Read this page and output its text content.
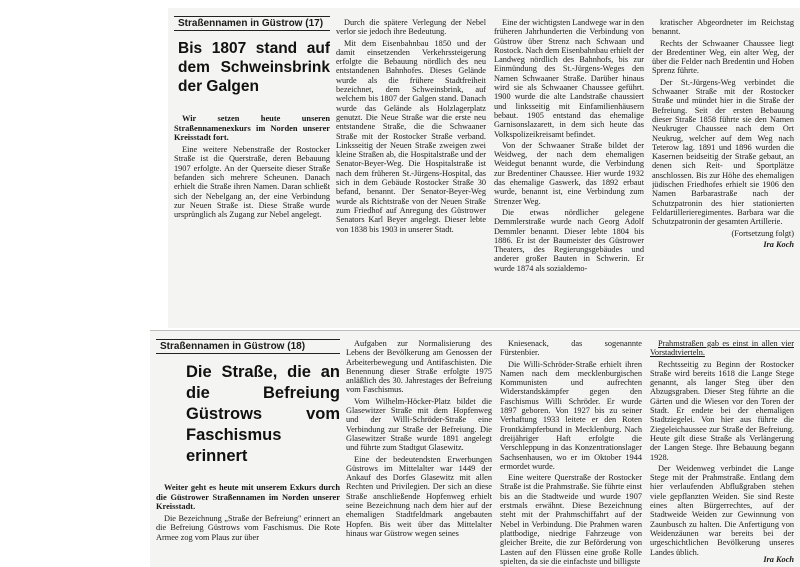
Straßennamen in Güstrow (17)
Bis 1807 stand auf dem Schweinsbrink der Galgen

Wir setzen heute unseren Straßennamenexkurs im Norden unserer Kreisstadt fort.

Eine weitere Nebenstraße der Rostocker Straße ist die Querstraße, deren Bebauung 1907 erfolgte. An der Querseite dieser Straße befanden sich mehrere Scheunen. Danach erhielt die Straße ihren Namen. Daran schließt sich der Nebelgang an, der eine Verbindung zur Neuen Straße ist. Diese Straße wurde ursprünglich als Zugang zur Nebel angelegt.

Durch die spätere Verlegung der Nebel verlor sie jedoch ihre Bedeutung.

Mit dem Eisenbahnbau 1850 und der damit einsetzenden Verkehrssteigerung erfolgte die Bebauung nördlich des neu entstandenen Bahnhofes. Dieses Gelände wurde als die frühere Stadtfreiheit bezeichnet, dem Schweinsbrink, auf welchem bis 1807 der Galgen stand. Danach wurde das Gelände als Holzlagerplatz genutzt. Die Neue Straße war die erste neu entstandene Straße, die die Schwaaner Straße mit der Rostocker Straße verband. Linksseitig der Neuen Straße zweigen zwei kleine Straßen ab, die Hospitalstraße und der Senator-Beyer-Weg. Die Hospitalstraße ist nach dem früheren St.-Jürgens-Hospital, das sich in dem Gebäude Rostocker Straße 30 befand, benannt. Der Senator-Beyer-Weg wurde als Richtstraße von der Neuen Straße zum Friedhof auf Anregung des Güstrower Senators Karl Beyer angelegt. Dieser lebte von 1838 bis 1903 in unserer Stadt.

Eine der wichtigsten Landwege war in den früheren Jahrhunderten die Verbindung von Güstrow über Strenz nach Schwaan und Rostock. Nach dem Eisenbahnbau erhielt der Landweg nördlich des Bahnhofs, bis zur Einmündung des St.-Jürgens-Weges den Namen Schwaaner Straße. Darüber hinaus wird sie als Schwaaner Chaussee geführt. 1900 wurde die alte Landstraße chaussiert und linksseitig mit Einfamilienhäusern bebaut. 1905 entstand das ehemalige Garnisonslazarett, in dem sich heute das Volkspolizeikreisamt befindet.

Von der Schwaaner Straße bildet der Weidweg, der nach dem ehemaligen Weidegut benannt wurde, die Verbindung zur Bredentiner Chaussee. Hier wurde 1932 das ehemalige Gaswerk, das 1892 erbaut wurde, benannt ist, eine Verbindung zum Strenzer Weg.

Die etwas nördlicher gelegene Demmlerstraße wurde nach Georg Adolf Demmler benannt. Dieser lebte 1804 bis 1886. Er ist der Baumeister des Güstrower Theaters, des Regierungsgebäudes und anderer großer Bauten in Schwerin. Er wurde 1874 als sozialdemo-

kratischer Abgeordneter im Reichstag benannt.

Rechts der Schwaaner Chaussee liegt der Bredentiner Weg, ein alter Weg, der über die Felder nach Bredentin und Hoben Sprenz führte.

Der St.-Jürgens-Weg verbindet die Schwaaner Straße mit der Rostocker Straße und mündet hier in die Straße der Befreiung. Seit der ersten Bebauung dieser Straße 1858 führte sie den Namen Neukruger Chaussee nach dem Ort Neukrug, welcher auf dem Weg nach Teterow lag. 1891 und 1896 wurden die Kasernen beidseitig der Straße gebaut, an denen sich Reit- und Sportplätze anschlossen. Bis zur Höhe des ehemaligen jüdischen Friedhofes erhielt sie 1906 den Namen Barbarastraße nach der Schutzpatronin des hier stationierten Feldartillerieregimentes. Barbara war die Schutzpatronin der gesamten Artillerie.

(Fortsetzung folgt)

Ira Koch

Straßennamen in Güstrow (18)
Die Straße, die an die Befreiung Güstrows vom Faschismus erinnert

Weiter geht es heute mit unserem Exkurs durch die Güstrower Straßennamen im Norden unserer Kreisstadt.

Die Bezeichnung „Straße der Befreiung" erinnert an die Befreiung Güstrows vom Faschismus. Die Rote Armee zog vom Plaus zur über

Aufgaben zur Normalisierung des Lebens der Bevölkerung am Genossen der Arbeiterbewegung und Antifaschisten. Die Benennung dieser Straße erfolgte 1975 anläßlich des 30. Jahrestages der Befreiung vom Faschismus.

Vom Wilhelm-Höcker-Platz bildet die Glasewitzer Straße mit dem Hopfenweg und der Willi-Schröder-Straße eine Verbindung zur Straße der Befreiung. Die Glasewitzer Straße wurde 1891 angelegt und führte zum Stadtgut Glasewitz.

Eine der bedeutendsten Erwerbungen Güstrows im Mittelalter war 1449 der Ankauf des Dorfes Glasewitz mit allen Rechten und Privilegien. Der sich an diese Straße anschließende Hopfenweg erhielt seine Bezeichnung nach dem hier auf der ehemaligen Stadtfeldmark angebauten Hopfen. Bis weit über das Mittelalter hinaus war Güstrow wegen seines

Kniesenack, das sogenannte Fürstenbier.

Die Willi-Schröder-Straße erhielt ihren Namen nach dem mecklenburgischen Kommunisten und aufrechten Widerstandskämpfer gegen den Faschismus Willi Schröder. Er wurde 1897 geboren. Von 1927 bis zu seiner Verhaftung 1933 leitete er den Roten Frontkämpferbund in Mecklenburg. Nach dreijähriger Haft erfolgte die Verschleppung in das Konzentrationslager Sachsenhausen, wo er im Oktober 1944 ermordet wurde.

Eine weitere Querstraße der Rostocker Straße ist die Prahmstraße. Sie führte einst bis an die Stadtweide und wurde 1907 erstmals erwähnt. Diese Bezeichnung steht mit der Prahmschiffahrt auf der Nebel in Verbindung. Die Prahmen waren plattbodige, niedrige Fahrzeuge von gleicher Breite, die zur Beförderung von Lasten auf den Flüssen eine große Rolle spielten, da sie die einfachste und billigste

Prahmstraßen gab es einst in allen vier Vorstadtvierteln.

Rechtsseitig zu Beginn der Rostocker Straße wird bereits 1618 die Lange Stege genannt, als langer Steg über den Abzugsgraben. Dieser Steg führte an die Gärten und die Wiesen vor den Toren der Stadt. Er endete bei der ehemaligen Stadtziegelei. Von hier aus führte die Ziegeleichaussee zur Straße der Befreiung. Heute gilt diese Straße als Verlängerung der Langen Stege. Ihre Bebauung begann 1928.

Der Weidenweg verbindet die Lange Stege mit der Prahmstraße. Entlang dem hier verlaufenden Abflußgraben stehen viele gepflanzten Weiden. Sie sind Reste eines alten Bürgerrechtes, auf der Stadtweide Weiden zur Gewinnung von Zaunbusch zu halten. Die Anfertigung von Weidenzäunen war bereits bei der urgeschichtlichen Bevölkerung unseres Landes üblich.

Ira Koch
